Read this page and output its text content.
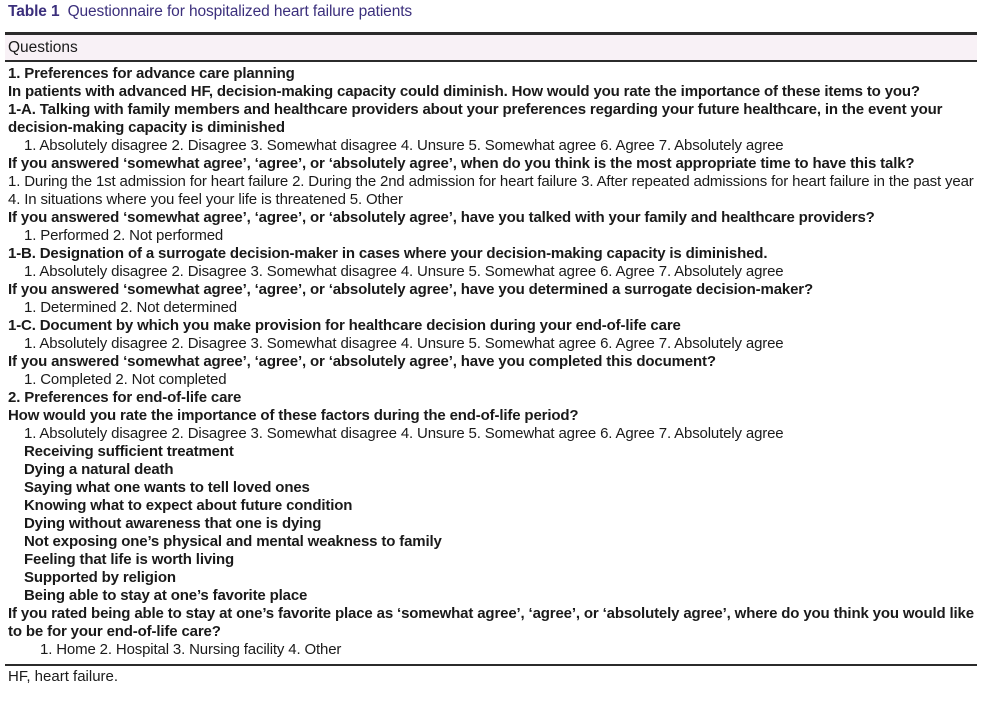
Table 1 Questionnaire for hospitalized heart failure patients
Questions
1. Preferences for advance care planning
In patients with advanced HF, decision-making capacity could diminish. How would you rate the importance of these items to you?
1-A. Talking with family members and healthcare providers about your preferences regarding your future healthcare, in the event your decision-making capacity is diminished
1. Absolutely disagree 2. Disagree 3. Somewhat disagree 4. Unsure 5. Somewhat agree 6. Agree 7. Absolutely agree
If you answered ‘somewhat agree’, ‘agree’, or ‘absolutely agree’, when do you think is the most appropriate time to have this talk?
1. During the 1st admission for heart failure 2. During the 2nd admission for heart failure 3. After repeated admissions for heart failure in the past year 4. In situations where you feel your life is threatened 5. Other
If you answered ‘somewhat agree’, ‘agree’, or ‘absolutely agree’, have you talked with your family and healthcare providers?
1. Performed 2. Not performed
1-B. Designation of a surrogate decision-maker in cases where your decision-making capacity is diminished.
1. Absolutely disagree 2. Disagree 3. Somewhat disagree 4. Unsure 5. Somewhat agree 6. Agree 7. Absolutely agree
If you answered ‘somewhat agree’, ‘agree’, or ‘absolutely agree’, have you determined a surrogate decision-maker?
1. Determined 2. Not determined
1-C. Document by which you make provision for healthcare decision during your end-of-life care
1. Absolutely disagree 2. Disagree 3. Somewhat disagree 4. Unsure 5. Somewhat agree 6. Agree 7. Absolutely agree
If you answered ‘somewhat agree’, ‘agree’, or ‘absolutely agree’, have you completed this document?
1. Completed 2. Not completed
2. Preferences for end-of-life care
How would you rate the importance of these factors during the end-of-life period?
1. Absolutely disagree 2. Disagree 3. Somewhat disagree 4. Unsure 5. Somewhat agree 6. Agree 7. Absolutely agree
Receiving sufficient treatment
Dying a natural death
Saying what one wants to tell loved ones
Knowing what to expect about future condition
Dying without awareness that one is dying
Not exposing one’s physical and mental weakness to family
Feeling that life is worth living
Supported by religion
Being able to stay at one’s favorite place
If you rated being able to stay at one’s favorite place as ‘somewhat agree’, ‘agree’, or ‘absolutely agree’, where do you think you would like to be for your end-of-life care?
1. Home 2. Hospital 3. Nursing facility 4. Other
HF, heart failure.
